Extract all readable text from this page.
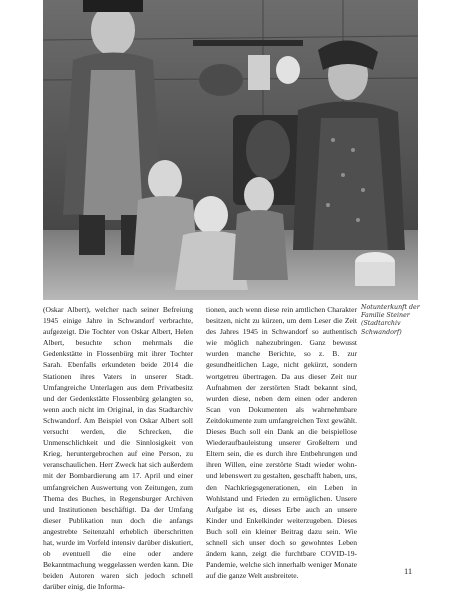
Notunterkunft der Familie Steiner (Stadtarchiv Schwandorf)

(Oskar Albert), welcher nach seiner Befreiung 1945 einige Jahre in Schwandorf verbrachte, aufgezeigt. Die Tochter von Oskar Albert, Helen Albert, besuchte schon mehrmals die Gedenkstätte in Flossenbürg mit ihrer Tochter Sarah. Ebenfalls erkundeten beide 2014 die Stationen ihres Vaters in unserer Stadt. Umfangreiche Unterlagen aus dem Privatbesitz und der Gedenkstätte Flossenbürg gelangten so, wenn auch nicht im Original, in das Stadtarchiv Schwandorf. Am Beispiel von Oskar Albert soll versucht werden, die Schrecken, die Unmenschlichkeit und die Sinnlosigkeit von Krieg, heruntergebrochen auf eine Person, zu veranschaulichen. Herr Zweck hat sich außerdem mit der Bombardierung am 17. April und einer umfangreichen Auswertung von Zeitungen, zum Thema des Buches, in Regensburger Archiven und Institutionen beschäftigt. Da der Umfang dieser Publikation nun doch die anfangs angestrebte Seitenzahl erheblich überschritten hat, wurde im Vorfeld intensiv darüber diskutiert, ob eventuell die eine oder andere Bekanntmachung weggelassen werden kann. Die beiden Autoren waren sich jedoch schnell darüber einig, die Informa-

tionen, auch wenn diese rein amtlichen Charakter besitzen, nicht zu kürzen, um dem Leser die Zeit des Jahres 1945 in Schwandorf so authentisch wie möglich nahezubringen. Ganz bewusst wurden manche Berichte, so z. B. zur gesundheitlichen Lage, nicht gekürzt, sondern wortgetreu übertragen. Da aus dieser Zeit nur Aufnahmen der zerstörten Stadt bekannt sind, wurden diese, neben dem einen oder anderen Scan von Dokumenten als wahrnehmbare Zeitdokumente zum umfangreichen Text gewählt. Dieses Buch soll ein Dank an die beispiellose Wiederaufbauleistung unserer Großeltern und Eltern sein, die es durch ihre Entbehrungen und ihren Willen, eine zerstörte Stadt wieder wohn- und lebenswert zu gestalten, geschafft haben, uns, den Nachkriegsgenerationen, ein Leben in Wohlstand und Frieden zu ermöglichen. Unsere Aufgabe ist es, dieses Erbe auch an unsere Kinder und Enkelkinder weiterzugeben. Dieses Buch soll ein kleiner Beitrag dazu sein. Wie schnell sich unser doch so gewohntes Leben ändern kann, zeigt die furchtbare COVID-19-Pandemie, welche sich innerhalb weniger Monate auf die ganze Welt ausbreitete.	11
